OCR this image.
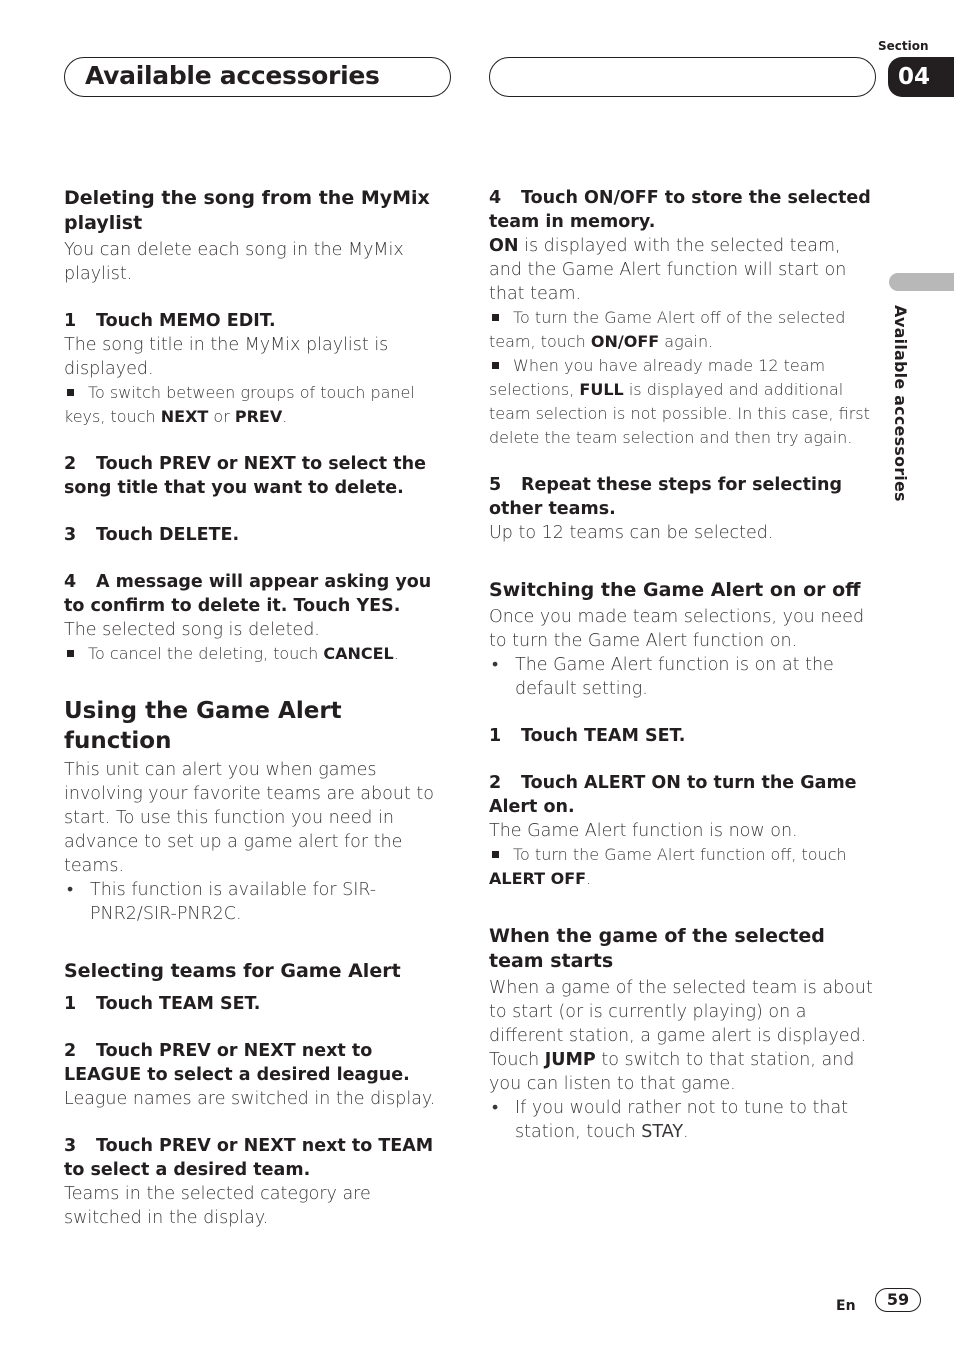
Available accessories
Section
04
Available accessories
Deleting the song from the MyMix playlist
You can delete each song in the MyMix playlist.
1 Touch MEMO EDIT.
The song title in the MyMix playlist is displayed.
To switch between groups of touch panel keys, touch NEXT or PREV.
2 Touch PREV or NEXT to select the song title that you want to delete.
3 Touch DELETE.
4 A message will appear asking you to confirm to delete it. Touch YES.
The selected song is deleted.
To cancel the deleting, touch CANCEL.
Using the Game Alert function
This unit can alert you when games involving your favorite teams are about to start. To use this function you need in advance to set up a game alert for the teams.
• This function is available for SIR-PNR2/SIR-PNR2C.
Selecting teams for Game Alert
1 Touch TEAM SET.
2 Touch PREV or NEXT next to LEAGUE to select a desired league.
League names are switched in the display.
3 Touch PREV or NEXT next to TEAM to select a desired team.
Teams in the selected category are switched in the display.
4 Touch ON/OFF to store the selected team in memory.
ON is displayed with the selected team, and the Game Alert function will start on that team.
To turn the Game Alert off of the selected team, touch ON/OFF again.
When you have already made 12 team selections, FULL is displayed and additional team selection is not possible. In this case, first delete the team selection and then try again.
5 Repeat these steps for selecting other teams.
Up to 12 teams can be selected.
Switching the Game Alert on or off
Once you made team selections, you need to turn the Game Alert function on.
• The Game Alert function is on at the default setting.
1 Touch TEAM SET.
2 Touch ALERT ON to turn the Game Alert on.
The Game Alert function is now on.
To turn the Game Alert function off, touch ALERT OFF.
When the game of the selected team starts
When a game of the selected team is about to start (or is currently playing) on a different station, a game alert is displayed. Touch JUMP to switch to that station, and you can listen to that game.
• If you would rather not to tune to that station, touch STAY.
En	59
